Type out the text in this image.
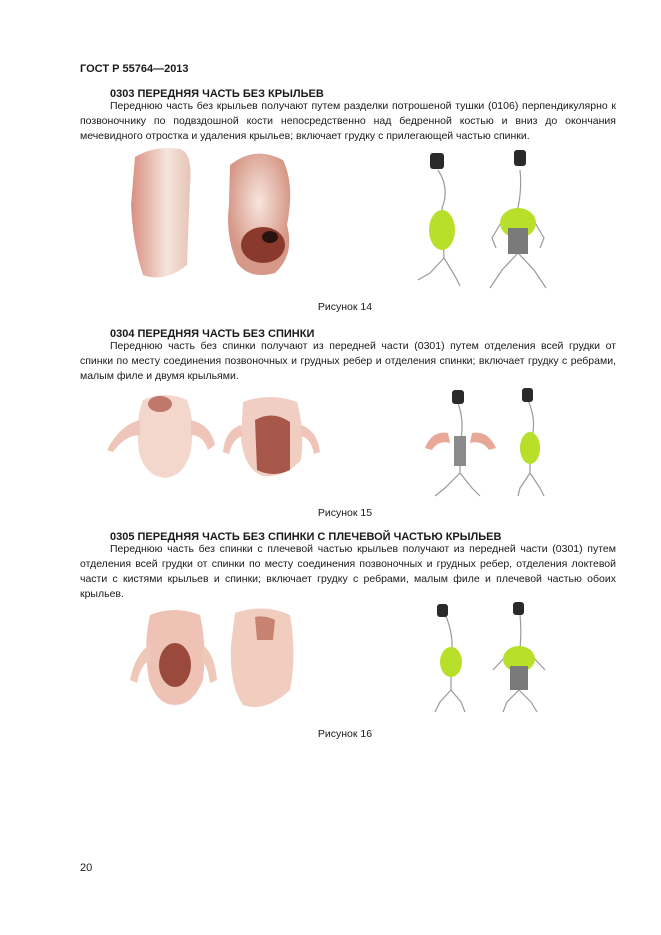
ГОСТ Р 55764—2013
0303 ПЕРЕДНЯЯ ЧАСТЬ БЕЗ КРЫЛЬЕВ
Переднюю часть без крыльев получают путем разделки потрошеной тушки (0106) перпендикулярно к позвоночнику по подвздошной кости непосредственно над бедренной костью и вниз до окончания мечевидного отростка и удаления крыльев; включает грудку с прилегающей частью спинки.
Рисунок 14
0304 ПЕРЕДНЯЯ ЧАСТЬ БЕЗ СПИНКИ
Переднюю часть без спинки получают из передней части (0301) путем отделения всей грудки от спинки по месту соединения позвоночных и грудных ребер и отделения спинки; включает грудку с ребрами, малым филе и двумя крыльями.
Рисунок 15
0305 ПЕРЕДНЯЯ ЧАСТЬ БЕЗ СПИНКИ С ПЛЕЧЕВОЙ ЧАСТЬЮ КРЫЛЬЕВ
Переднюю часть без спинки с плечевой частью крыльев получают из передней части (0301) путем отделения всей грудки от спинки по месту соединения позвоночных и грудных ребер, отделения локтевой части с кистями крыльев и спинки; включает грудку с ребрами, малым филе и плечевой частью обоих крыльев.
Рисунок 16
20
